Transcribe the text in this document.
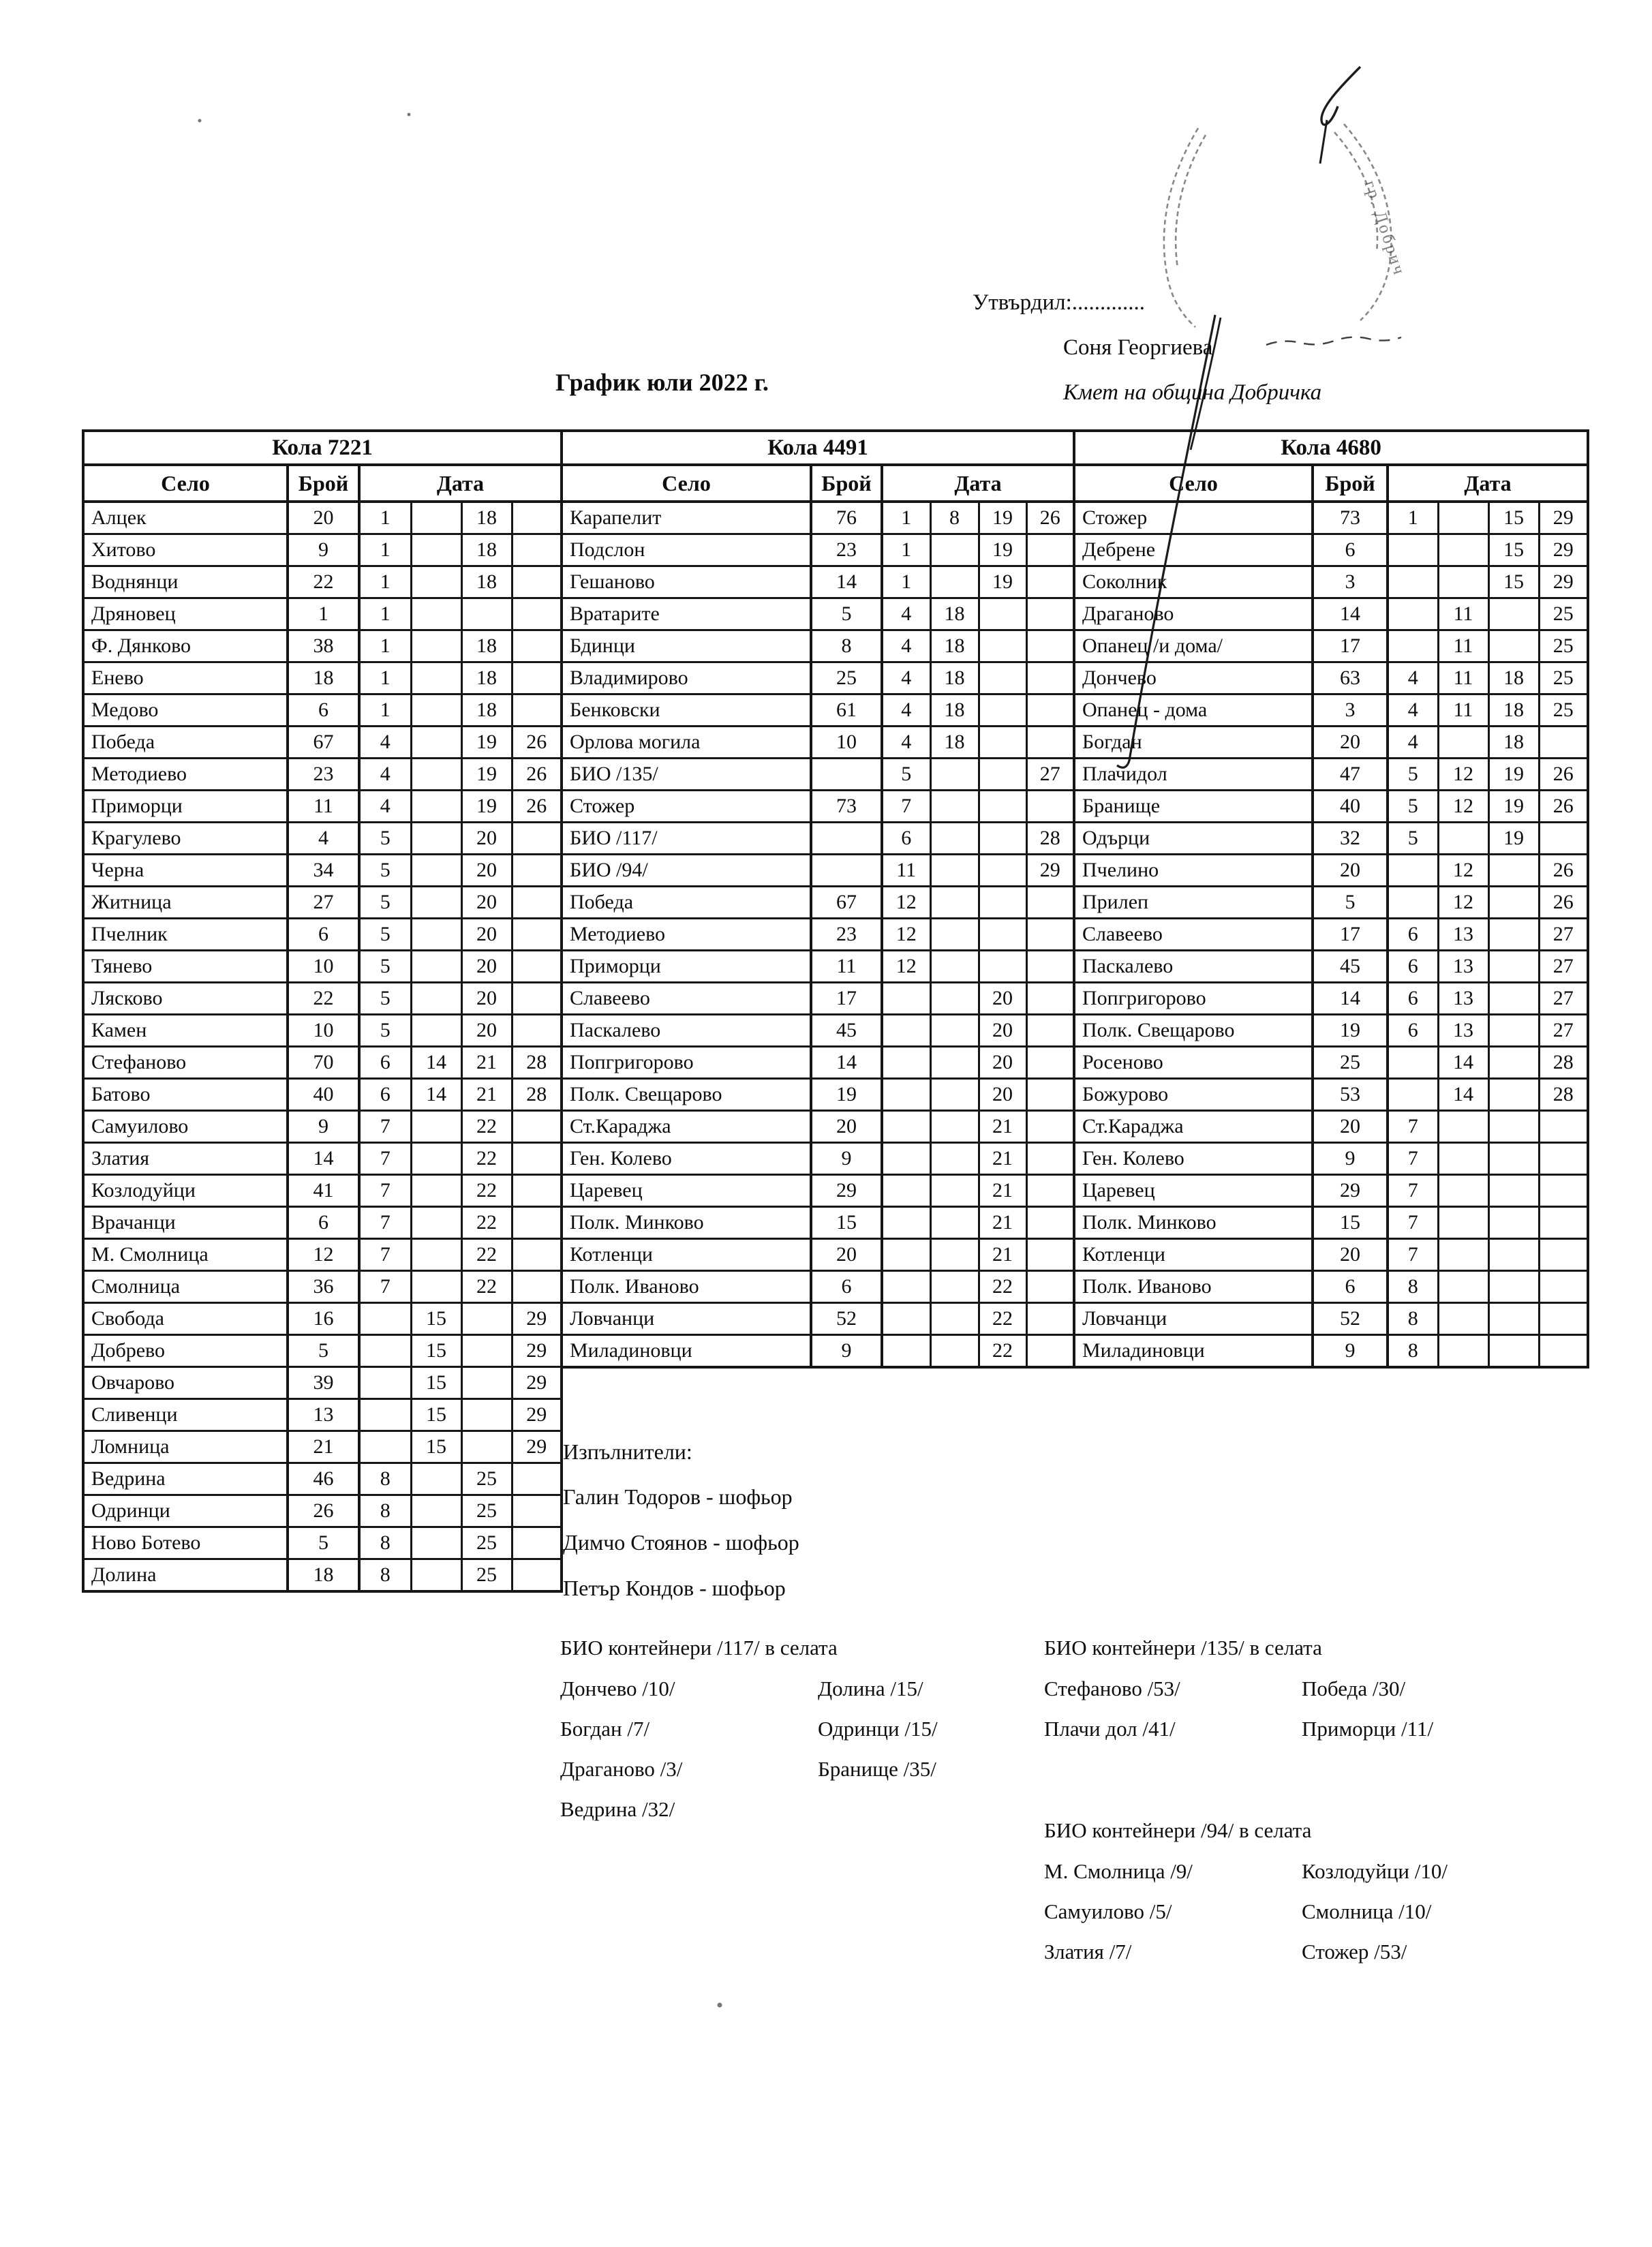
гр. Добрич
Утвърдил:.............
Соня Георгиева
Кмет на община Добричка
График юли 2022 г.
Кола 7221					
Село	Брой	Дата			
Алцек	20	1		18	
Хитово	9	1		18	
Воднянци	22	1		18	
Дряновец	1	1			
Ф. Дянково	38	1		18	
Енево	18	1		18	
Медово	6	1		18	
Победа	67	4		19	26
Методиево	23	4		19	26
Приморци	11	4		19	26
Крагулево	4	5		20	
Черна	34	5		20	
Житница	27	5		20	
Пчелник	6	5		20	
Тянево	10	5		20	
Лясково	22	5		20	
Камен	10	5		20	
Стефаново	70	6	14	21	28
Батово	40	6	14	21	28
Самуилово	9	7		22	
Златия	14	7		22	
Козлодуйци	41	7		22	
Врачанци	6	7		22	
М. Смолница	12	7		22	
Смолница	36	7		22	
Свобода	16		15		29
Добрево	5		15		29
Овчарово	39		15		29
Сливенци	13		15		29
Ломница	21		15		29
Ведрина	46	8		25	
Одринци	26	8		25	
Ново Ботево	5	8		25	
Долина	18	8		25	
Кола 4491					
Село	Брой	Дата			
Карапелит	76	1	8	19	26
Подслон	23	1		19	
Гешаново	14	1		19	
Вратарите	5	4	18		
Бдинци	8	4	18		
Владимирово	25	4	18		
Бенковски	61	4	18		
Орлова могила	10	4	18		
БИО /135/		5			27
Стожер	73	7			
БИО /117/		6			28
БИО /94/		11			29
Победа	67	12			
Методиево	23	12			
Приморци	11	12			
Славеево	17			20	
Паскалево	45			20	
Попгригорово	14			20	
Полк. Свещарово	19			20	
Ст.Караджа	20			21	
Ген. Колево	9			21	
Царевец	29			21	
Полк. Минково	15			21	
Котленци	20			21	
Полк. Иваново	6			22	
Ловчанци	52			22	
Миладиновци	9			22	
Кола 4680					
Село	Брой	Дата			
Стожер	73	1		15	29
Дебрене	6			15	29
Соколник	3			15	29
Драганово	14		11		25
Опанец /и дома/	17		11		25
Дончево	63	4	11	18	25
Опанец - дома	3	4	11	18	25
Богдан	20	4		18	
Плачидол	47	5	12	19	26
Бранище	40	5	12	19	26
Одърци	32	5		19	
Пчелино	20		12		26
Прилеп	5		12		26
Славеево	17	6	13		27
Паскалево	45	6	13		27
Попгригорово	14	6	13		27
Полк. Свещарово	19	6	13		27
Росеново	25		14		28
Божурово	53		14		28
Ст.Караджа	20	7			
Ген. Колево	9	7			
Царевец	29	7			
Полк. Минково	15	7			
Котленци	20	7			
Полк. Иваново	6	8			
Ловчанци	52	8			
Миладиновци	9	8			
Изпълнители:
Галин Тодоров - шофьор
Димчо Стоянов - шофьор
Петър Кондов - шофьор
БИО контейнери /117/ в селата
Дончево /10/	Долина /15/
Богдан /7/	Одринци /15/
Драганово /3/	Бранище /35/
Ведрина /32/
БИО контейнери /135/ в селата
Стефаново /53/	Победа /30/
Плачи дол /41/	Приморци /11/
БИО контейнери /94/ в селата
М. Смолница /9/	Козлодуйци /10/
Самуилово /5/	Смолница /10/
Златия /7/	Стожер /53/
